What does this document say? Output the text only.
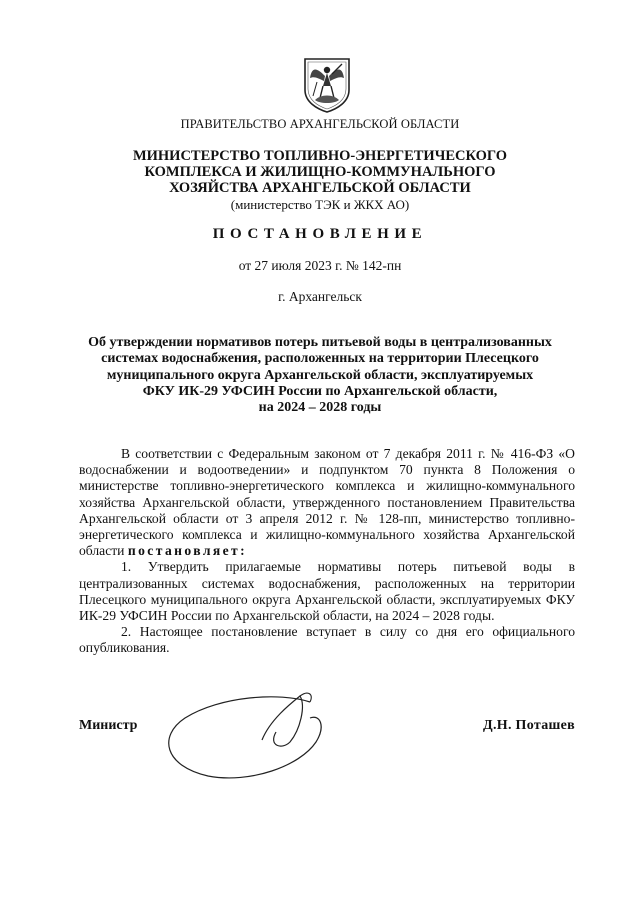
ПРАВИТЕЛЬСТВО АРХАНГЕЛЬСКОЙ ОБЛАСТИ
МИНИСТЕРСТВО ТОПЛИВНО-ЭНЕРГЕТИЧЕСКОГО
КОМПЛЕКСА И ЖИЛИЩНО-КОММУНАЛЬНОГО
ХОЗЯЙСТВА АРХАНГЕЛЬСКОЙ ОБЛАСТИ
(министерство ТЭК и ЖКХ АО)
ПОСТАНОВЛЕНИЕ
от 27 июля 2023 г. № 142-пн
г. Архангельск
Об утверждении нормативов потерь питьевой воды в централизованных
системах водоснабжения, расположенных на территории Плесецкого
муниципального округа Архангельской области, эксплуатируемых
ФКУ ИК-29 УФСИН России по Архангельской области,
на 2024 – 2028 годы

В соответствии с Федеральным законом от 7 декабря 2011 г. № 416-ФЗ «О водоснабжении и водоотведении» и подпунктом 70 пункта 8 Положения о министерстве топливно-энергетического комплекса и жилищно-коммунального хозяйства Архангельской области, утвержденного постановлением Правительства Архангельской области от 3 апреля 2012 г. № 128-пп, министерство топливно-энергетического комплекса и жилищно-коммунального хозяйства Архангельской области постановляет:

1. Утвердить прилагаемые нормативы потерь питьевой воды в централизованных системах водоснабжения, расположенных на территории Плесецкого муниципального округа Архангельской области, эксплуатируемых ФКУ ИК-29 УФСИН России по Архангельской области, на 2024 – 2028 годы.

2. Настоящее постановление вступает в силу со дня его официального опубликования.

Министр	Д.Н. Поташев
